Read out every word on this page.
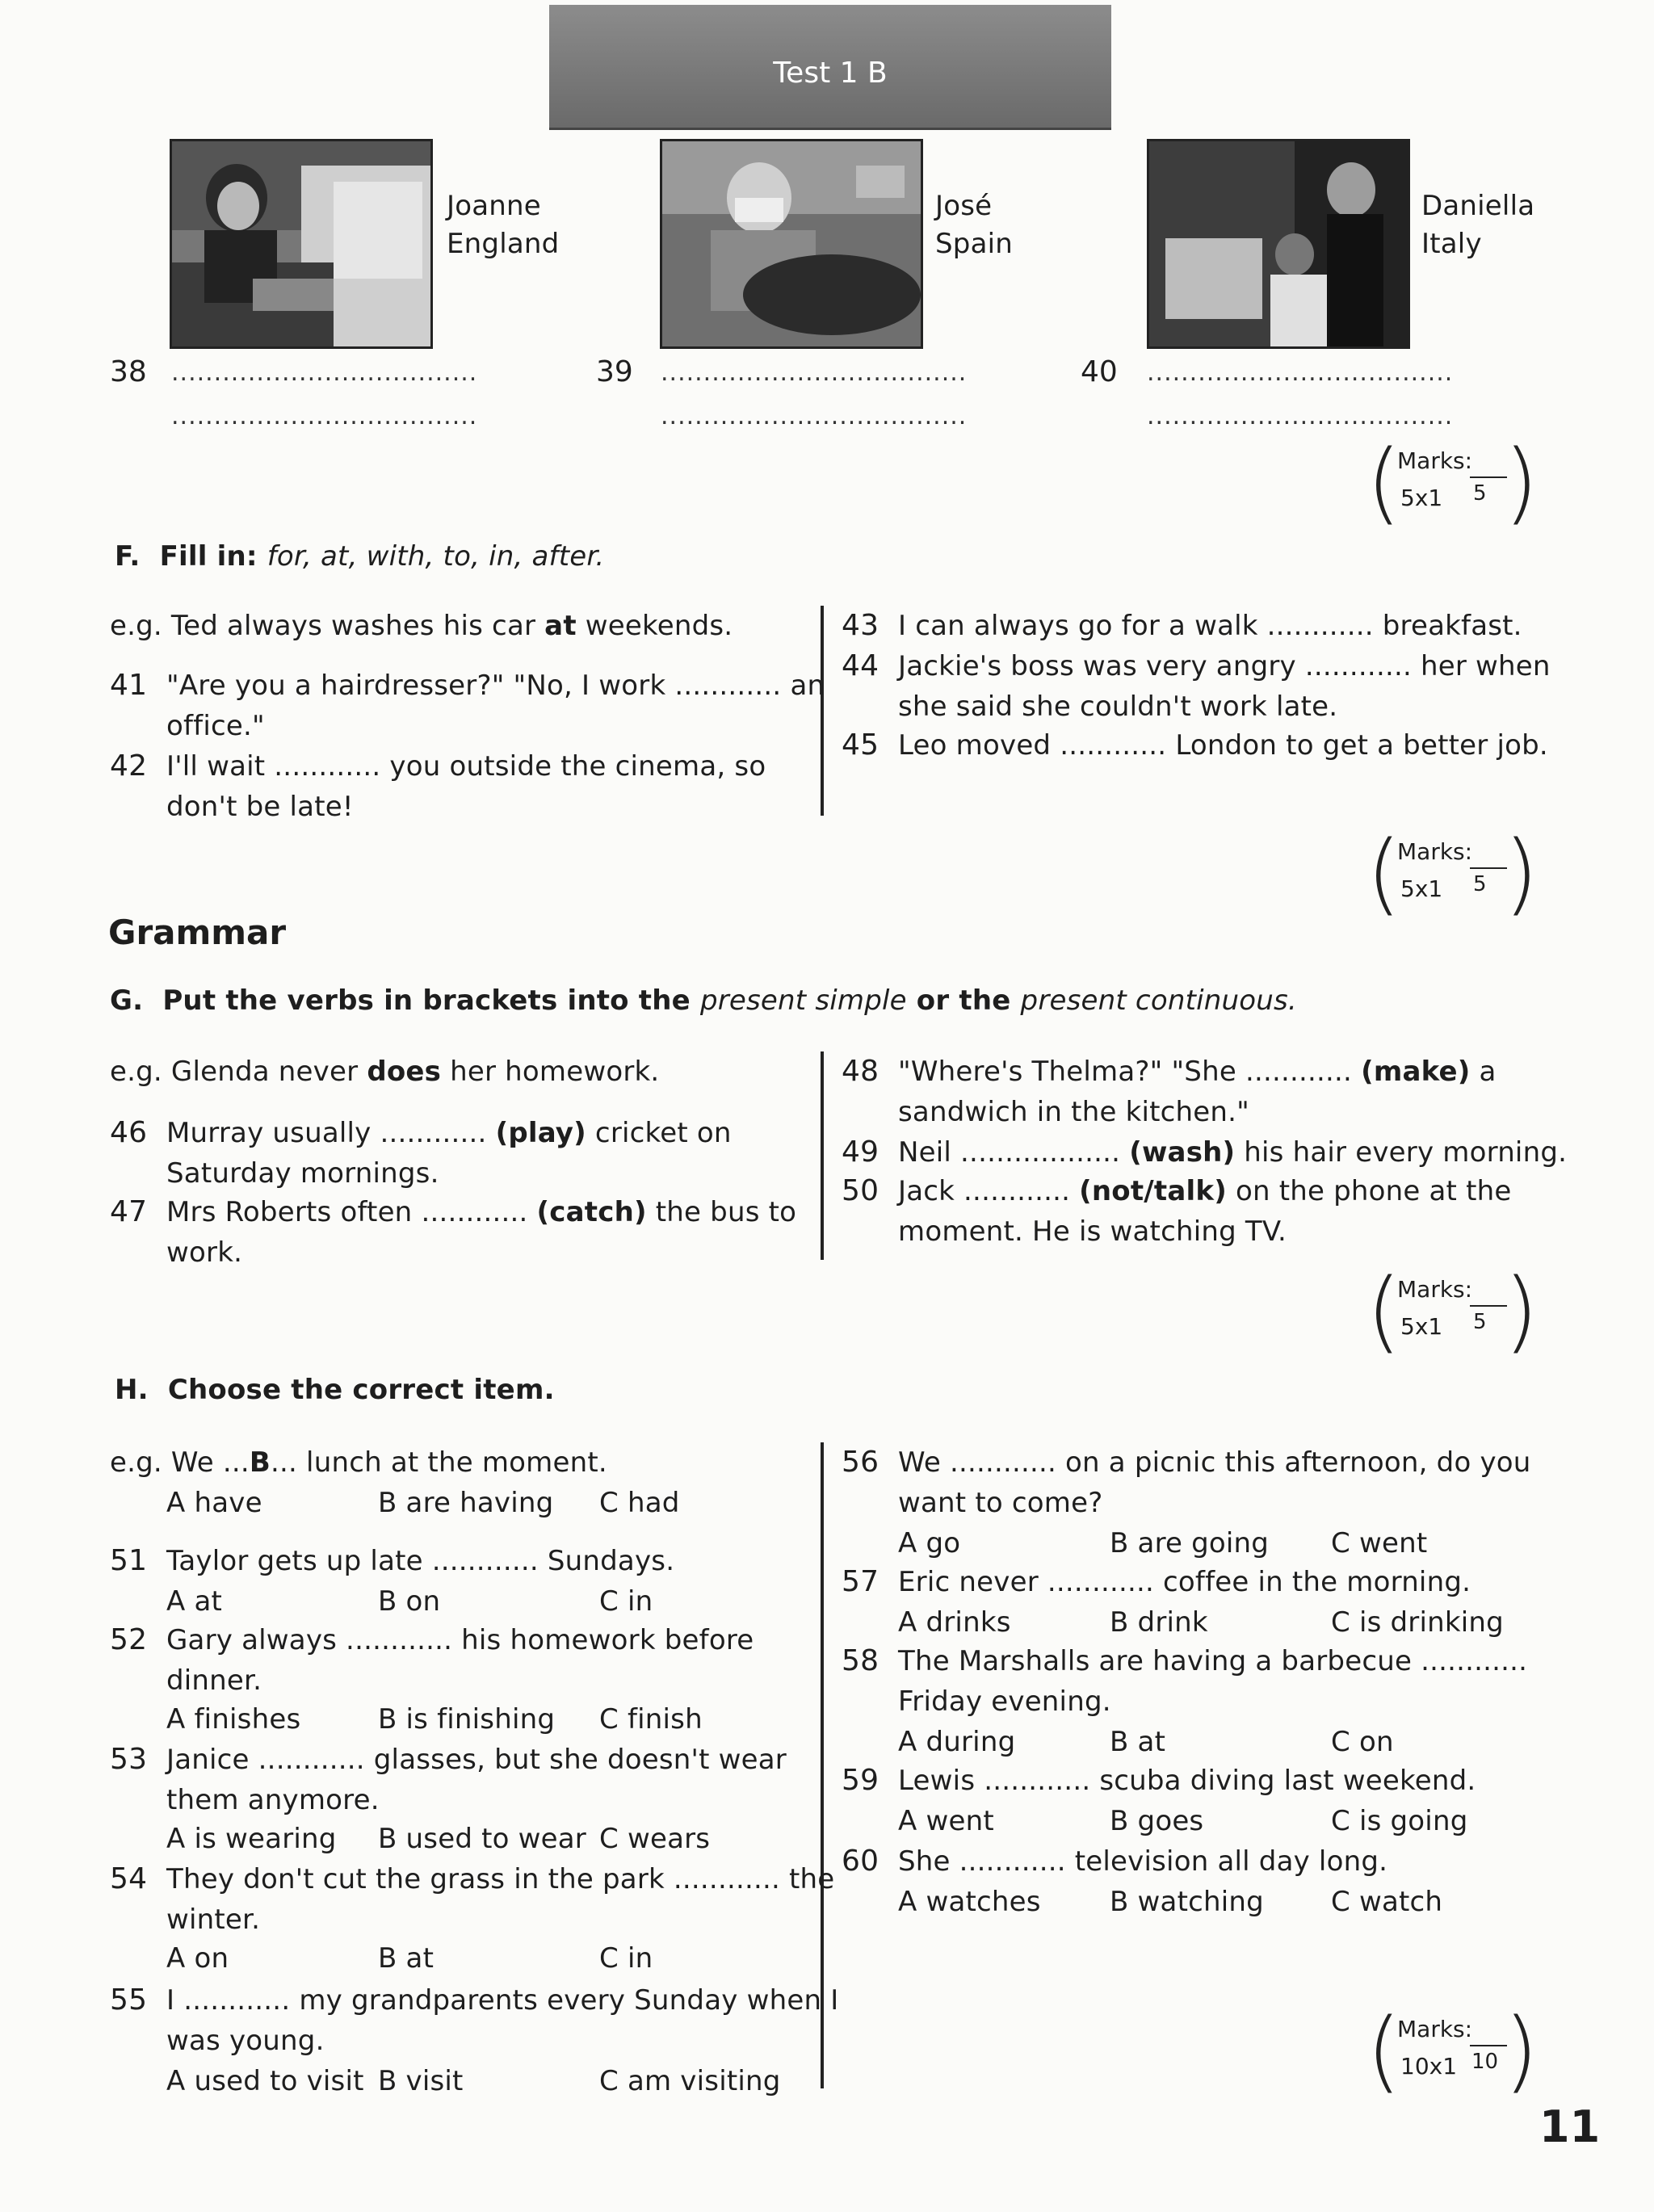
Test 1 B
Joanne
England
José
Spain
Daniella
Italy
38 ....................................
....................................
39 ....................................
....................................
40 ....................................
....................................
(
Marks:
5x1 5 )
F. Fill in: for, at, with, to, in, after.
e.g. Ted always washes his car at weekends.
41 "Are you a hairdresser?" "No, I work ............ an
office."
42 I'll wait ............ you outside the cinema, so
don't be late!
43 I can always go for a walk ............ breakfast.
44 Jackie's boss was very angry ............ her when
she said she couldn't work late.
45 Leo moved ............ London to get a better job.
(
Marks:
5x1 5 )
Grammar
G. Put the verbs in brackets into the present simple or the present continuous.
e.g. Glenda never does her homework.
46 Murray usually ............ (play) cricket on
Saturday mornings.
47 Mrs Roberts often ............ (catch) the bus to
work.
48 "Where's Thelma?" "She ............ (make) a
sandwich in the kitchen."
49 Neil .................. (wash) his hair every morning.
50 Jack ............ (not/talk) on the phone at the
moment. He is watching TV.
(
Marks:
5x1 5 )
H. Choose the correct item.
e.g. We ...B... lunch at the moment.
A have	B are having C had
51 Taylor gets up late ............ Sundays.
A at	B on	C in
52 Gary always ............ his homework before
dinner.
A finishes	B is finishing C finish
53 Janice ............ glasses, but she doesn't wear
them anymore.
A is wearing B used to wear C wears
54 They don't cut the grass in the park ............ the
winter.
A on	B at	C in
55 I ............ my grandparents every Sunday when I
was young.
A used to visit B visit	C am visiting
56 We ............ on a picnic this afternoon, do you
want to come?
A go	B are going C went
57 Eric never ............ coffee in the morning.
A drinks	B drink	C is drinking
58 The Marshalls are having a barbecue ............
Friday evening.
A during	B at	C on
59 Lewis ............ scuba diving last weekend.
A went	B goes	C is going
60 She ............ television all day long.
A watches	B watching C watch
(
Marks:
10x1 10 )
11
